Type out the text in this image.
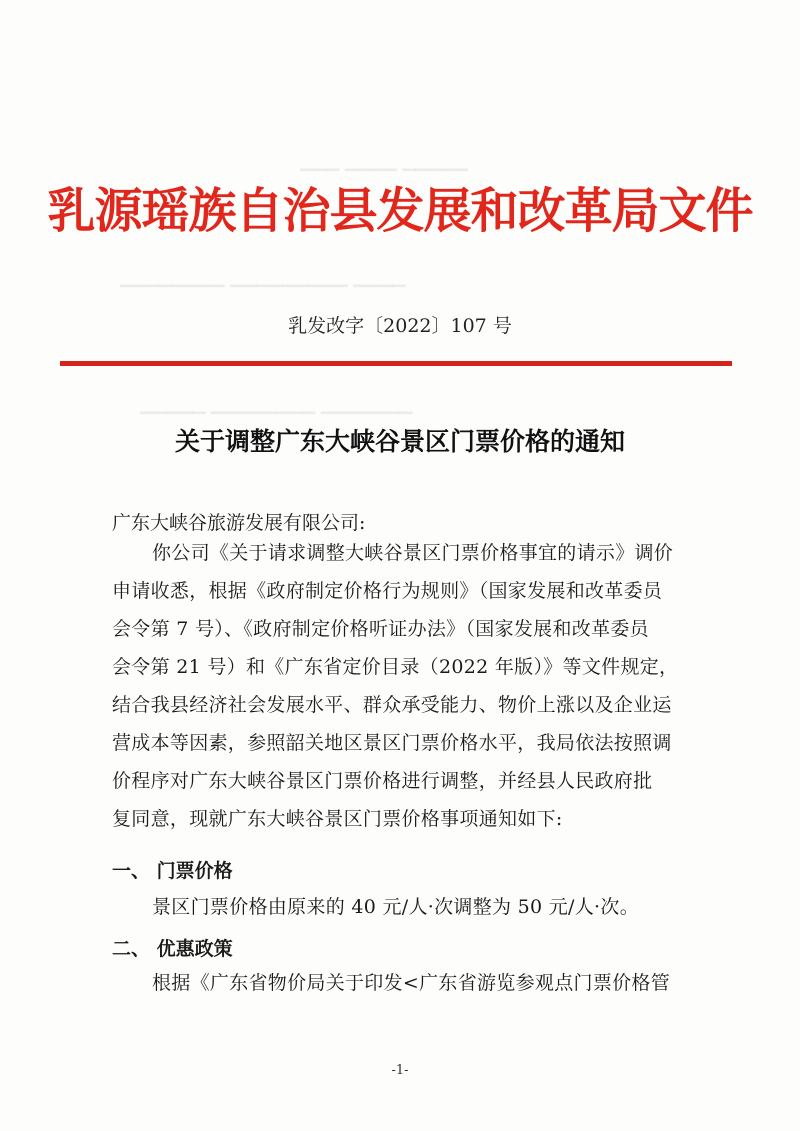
▁▁▁ ▁▁▁▁ ▁▁▁▁▁
▁▁▁▁▁▁▁▁ ▁▁▁▁▁▁▁▁▁ ▁▁▁▁
▁▁▁▁▁ ▁▁▁▁▁▁▁▁ ▁▁▁▁▁▁▁
乳源瑶族自治县发展和改革局文件
乳发改字〔2022〕107 号
关于调整广东大峡谷景区门票价格的通知
广东大峡谷旅游发展有限公司:
你公司《关于请求调整大峡谷景区门票价格事宜的请示》调价
申请收悉，根据《政府制定价格行为规则》（国家发展和改革委员
会令第 7 号）、《政府制定价格听证办法》（国家发展和改革委员
会令第 21 号）和《广东省定价目录（2022 年版）》等文件规定，
结合我县经济社会发展水平、群众承受能力、物价上涨以及企业运
营成本等因素，参照韶关地区景区门票价格水平，我局依法按照调
价程序对广东大峡谷景区门票价格进行调整，并经县人民政府批
复同意，现就广东大峡谷景区门票价格事项通知如下:
一、 门票价格
景区门票价格由原来的 40 元/人·次调整为 50 元/人·次。
二、 优惠政策
根据《广东省物价局关于印发<广东省游览参观点门票价格管
-1-
